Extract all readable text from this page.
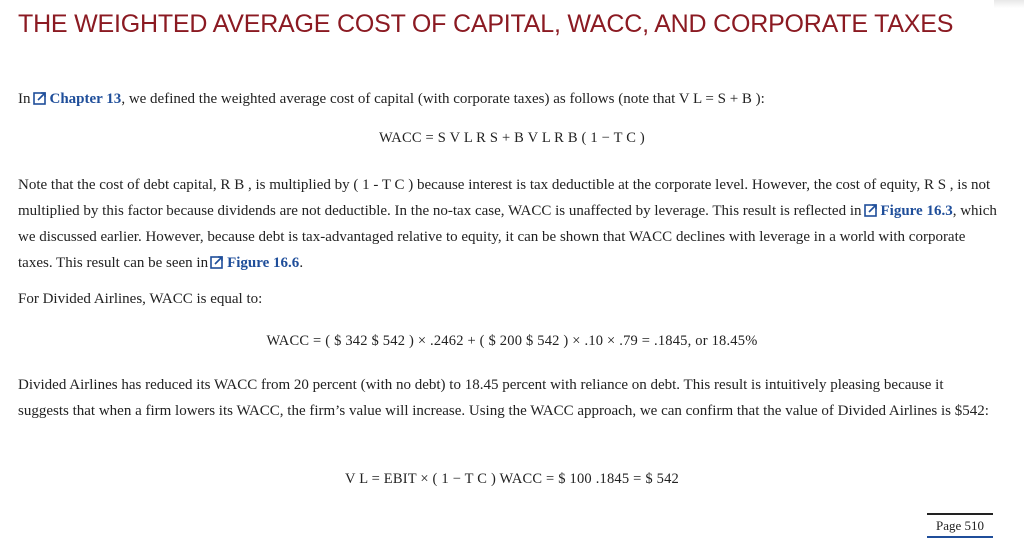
THE WEIGHTED AVERAGE COST OF CAPITAL, WACC, AND CORPORATE TAXES

In Chapter 13, we defined the weighted average cost of capital (with corporate taxes) as follows (note that V L = S + B ):

WACC = S V L R S + B V L R B ( 1 − T C )

Note that the cost of debt capital, R B , is multiplied by ( 1 - T C ) because interest is tax deductible at the corporate level. However, the cost of equity, R S , is not multiplied by this factor because dividends are not deductible. In the no-tax case, WACC is unaffected by leverage. This result is reflected in Figure 16.3, which we discussed earlier. However, because debt is tax-advantaged relative to equity, it can be shown that WACC declines with leverage in a world with corporate taxes. This result can be seen in Figure 16.6.

For Divided Airlines, WACC is equal to:

WACC = ( $ 342 $ 542 ) × .2462 + ( $ 200 $ 542 ) × .10 × .79 = .1845, or 18.45%

Divided Airlines has reduced its WACC from 20 percent (with no debt) to 18.45 percent with reliance on debt. This result is intuitively pleasing because it suggests that when a firm lowers its WACC, the firm’s value will increase. Using the WACC approach, we can confirm that the value of Divided Airlines is $542:

V L = EBIT × ( 1 − T C ) WACC = $ 100 .1845 = $ 542
Page 510
